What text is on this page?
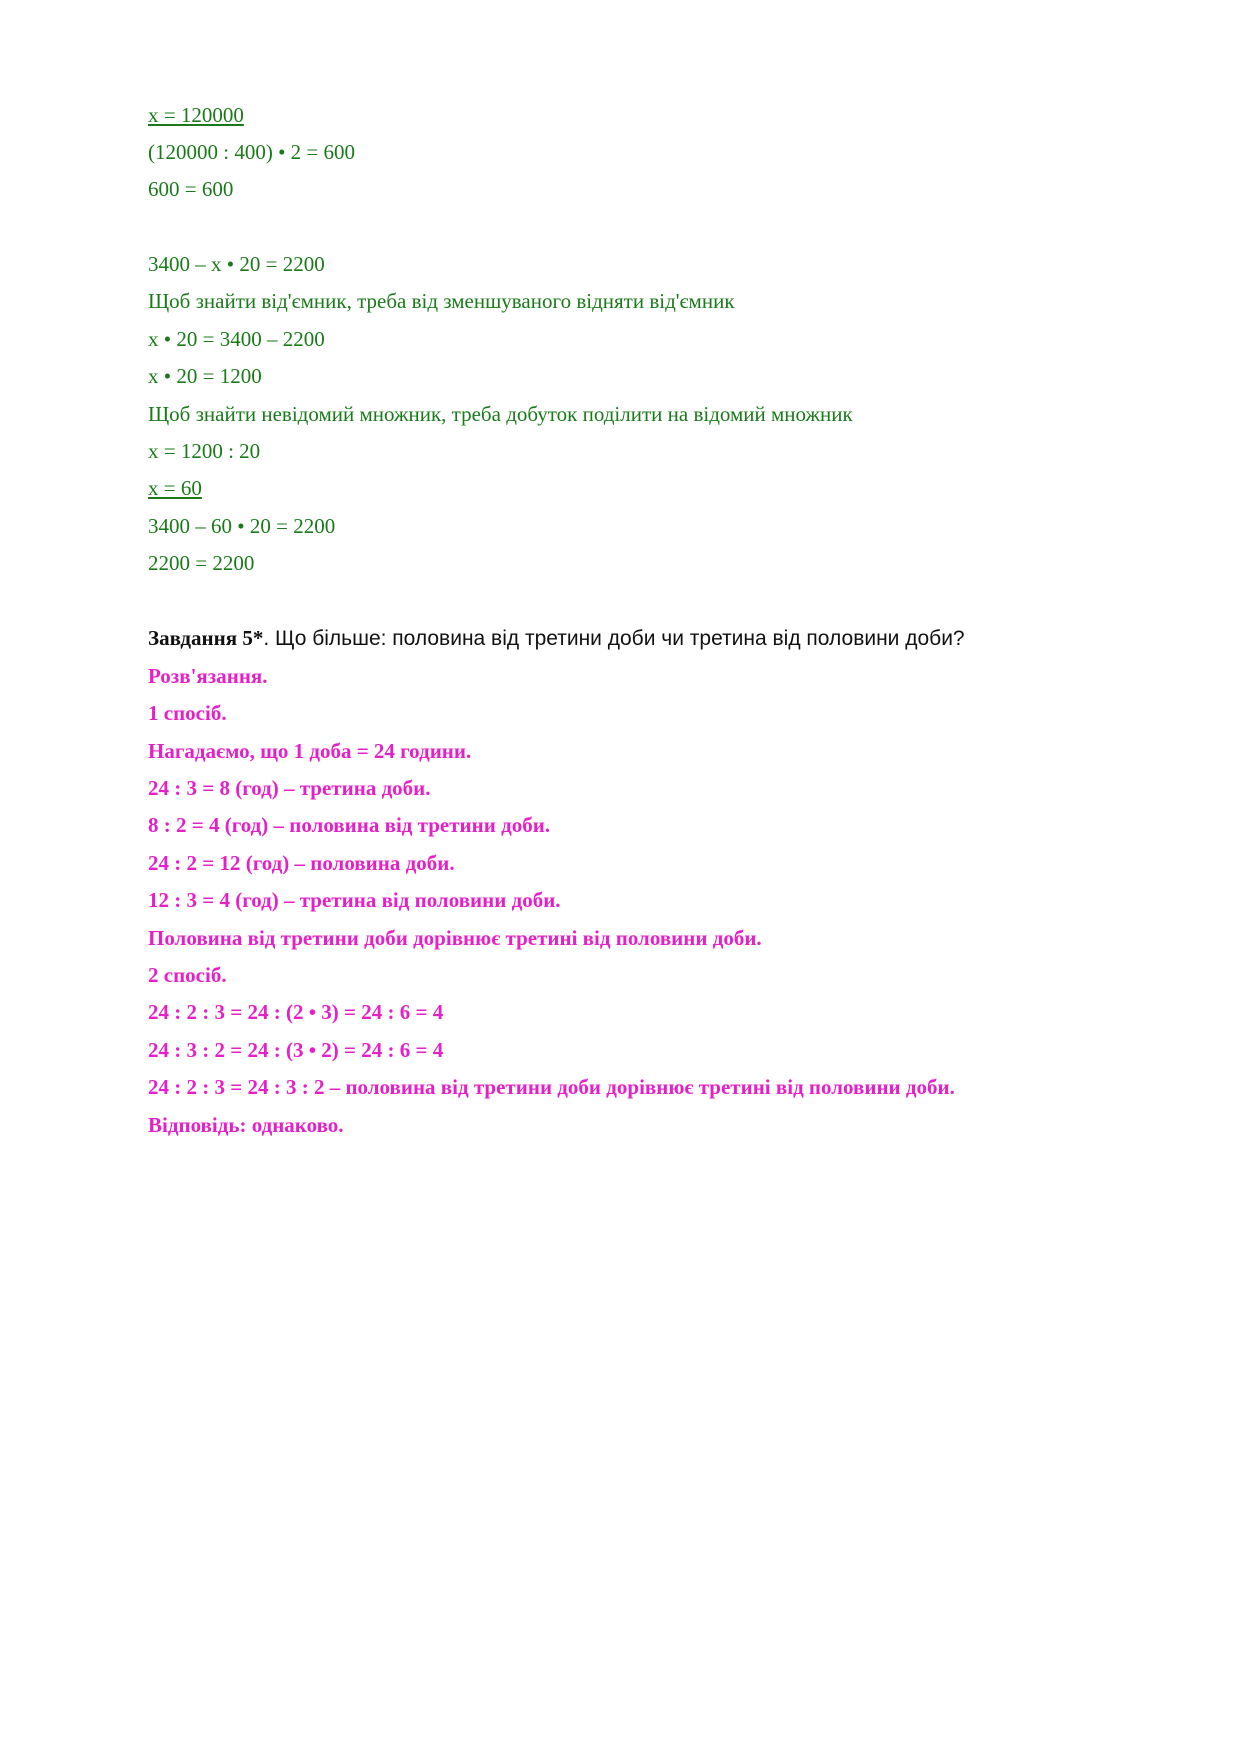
x = 120000
(120000 : 400) • 2 = 600
600 = 600
3400 – x • 20 = 2200
Щоб знайти від'ємник, треба від зменшуваного відняти від'ємник
x • 20 = 3400 – 2200
x • 20 = 1200
Щоб знайти невідомий множник, треба добуток поділити на відомий множник
x = 1200 : 20
x = 60
3400 – 60 • 20 = 2200
2200 = 2200
Завдання 5*. Що більше: половина від третини доби чи третина від половини доби?
Розв'язання.
1 спосіб.
Нагадаємо, що 1 доба = 24 години.
24 : 3 = 8 (год) – третина доби.
8 : 2 = 4 (год) – половина від третини доби.
24 : 2 = 12 (год) – половина доби.
12 : 3 = 4 (год) – третина від половини доби.
Половина від третини доби дорівнює третині від половини доби.
2 спосіб.
24 : 2 : 3 = 24 : (2 • 3) = 24 : 6 = 4
24 : 3 : 2 = 24 : (3 • 2) = 24 : 6 = 4
24 : 2 : 3 = 24 : 3 : 2 – половина від третини доби дорівнює третині від половини доби.
Відповідь: однаково.
